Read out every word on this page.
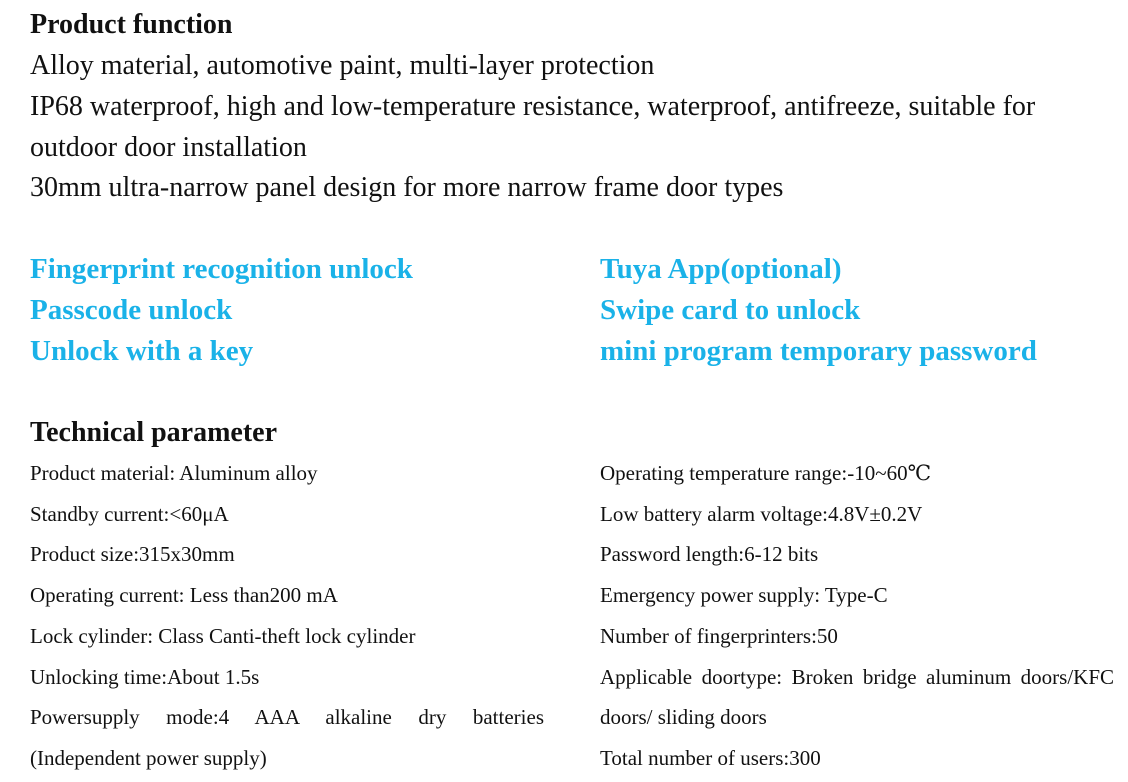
Product function

Alloy material, automotive paint, multi-layer protection

IP68 waterproof, high and low-temperature resistance, waterproof, antifreeze, suitable for outdoor door installation

30mm ultra-narrow panel design for more narrow frame door types

Fingerprint recognition unlock
Passcode unlock
Unlock with a key
Tuya App(optional)
Swipe card to unlock
mini program temporary password
Technical parameter
Product material: Aluminum alloy
Standby current:<60μA
Product size:315x30mm
Operating current: Less than200 mA
Lock cylinder: Class Canti-theft lock cylinder
Unlocking time:About 1.5s
Powersupply mode:4 AAA alkaline dry batteries (Independent power supply)
Operating temperature range:-10~60℃
Low battery alarm voltage:4.8V±0.2V
Password length:6-12 bits
Emergency power supply: Type-C
Number of fingerprinters:50
Applicable doortype: Broken bridge aluminum doors/KFC doors/ sliding doors
Total number of users:300
